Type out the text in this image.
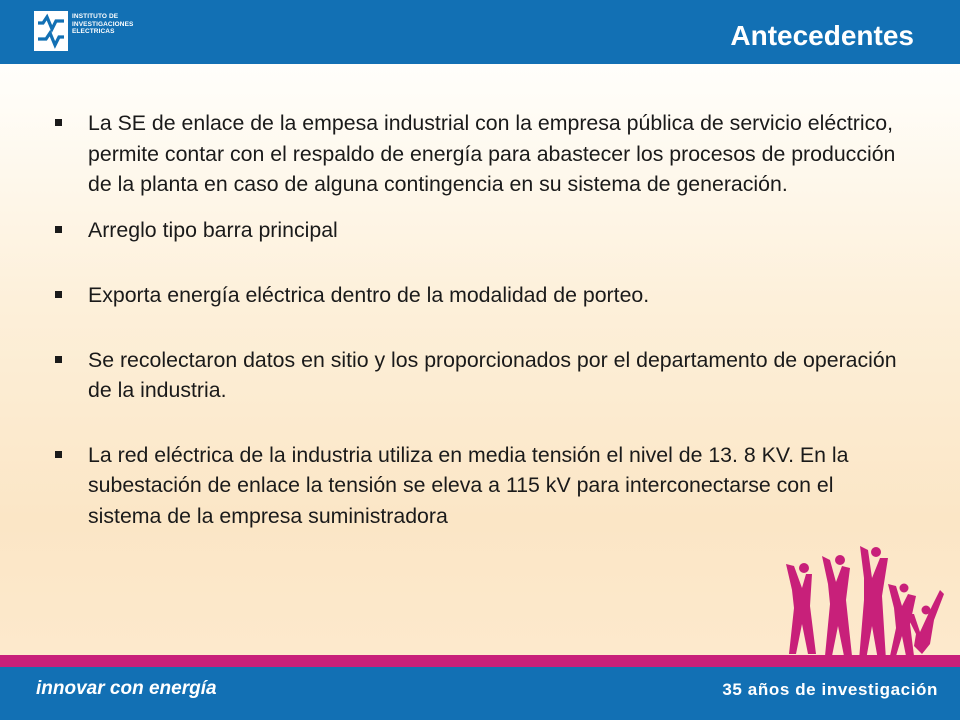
INSTITUTO DE
INVESTIGACIONES
ELECTRICAS	Antecedentes
La SE de enlace de la empesa industrial con la empresa pública de servicio eléctrico, permite contar con el respaldo de energía para abastecer los procesos de producción de la planta en caso de alguna contingencia en su sistema de generación.
Arreglo tipo barra principal
Exporta energía eléctrica dentro de la modalidad de porteo.
Se recolectaron datos en sitio y los proporcionados por el departamento de operación de la industria.
La red eléctrica de la industria utiliza en media tensión el nivel de 13. 8 KV. En la subestación de enlace la tensión se eleva a 115 kV para interconectarse con el sistema de la empresa suministradora
innovar con energía	35 años de investigación
